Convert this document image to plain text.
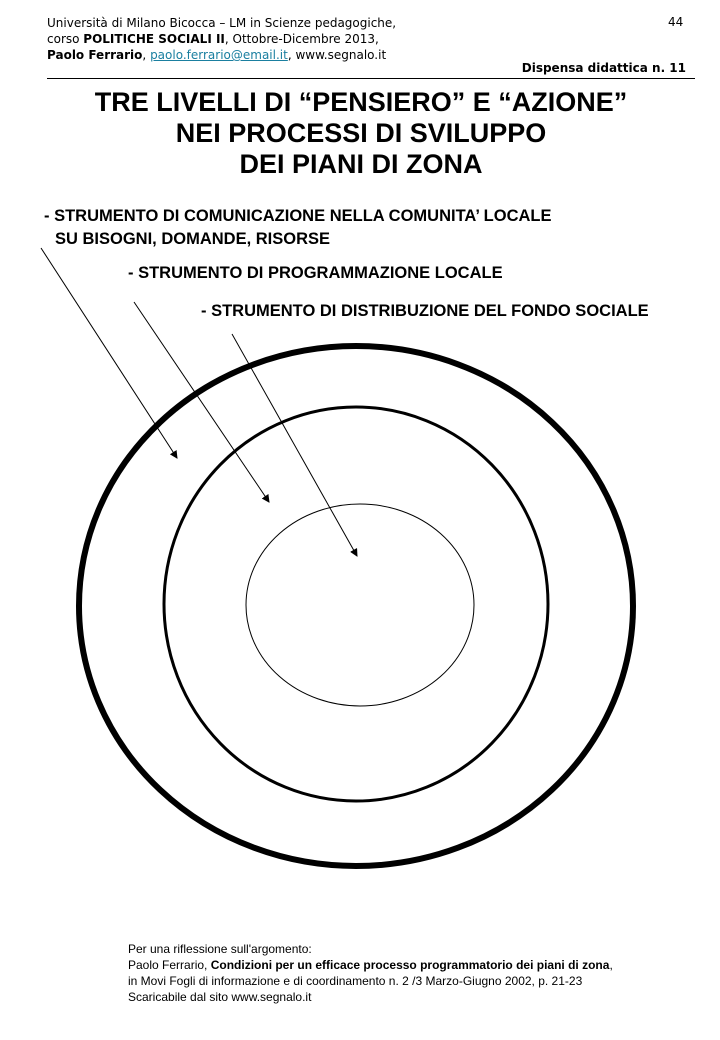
Università di Milano Bicocca – LM in Scienze pedagogiche,
corso POLITICHE SOCIALI II, Ottobre-Dicembre 2013,
Paolo Ferrario, paolo.ferrario@email.it, www.segnalo.it
44
Dispensa didattica n. 11
TRE LIVELLI DI “PENSIERO” E “AZIONE”
NEI PROCESSI DI SVILUPPO
DEI PIANI DI ZONA
- STRUMENTO DI COMUNICAZIONE NELLA COMUNITA’ LOCALE
SU BISOGNI, DOMANDE, RISORSE
- STRUMENTO DI PROGRAMMAZIONE LOCALE
- STRUMENTO DI DISTRIBUZIONE DEL FONDO SOCIALE
Per una riflessione sull'argomento:
Paolo Ferrario, Condizioni per un efficace processo programmatorio dei piani di zona,
in Movi Fogli di informazione e di coordinamento n. 2 /3 Marzo-Giugno 2002, p. 21-23
Scaricabile dal sito www.segnalo.it
